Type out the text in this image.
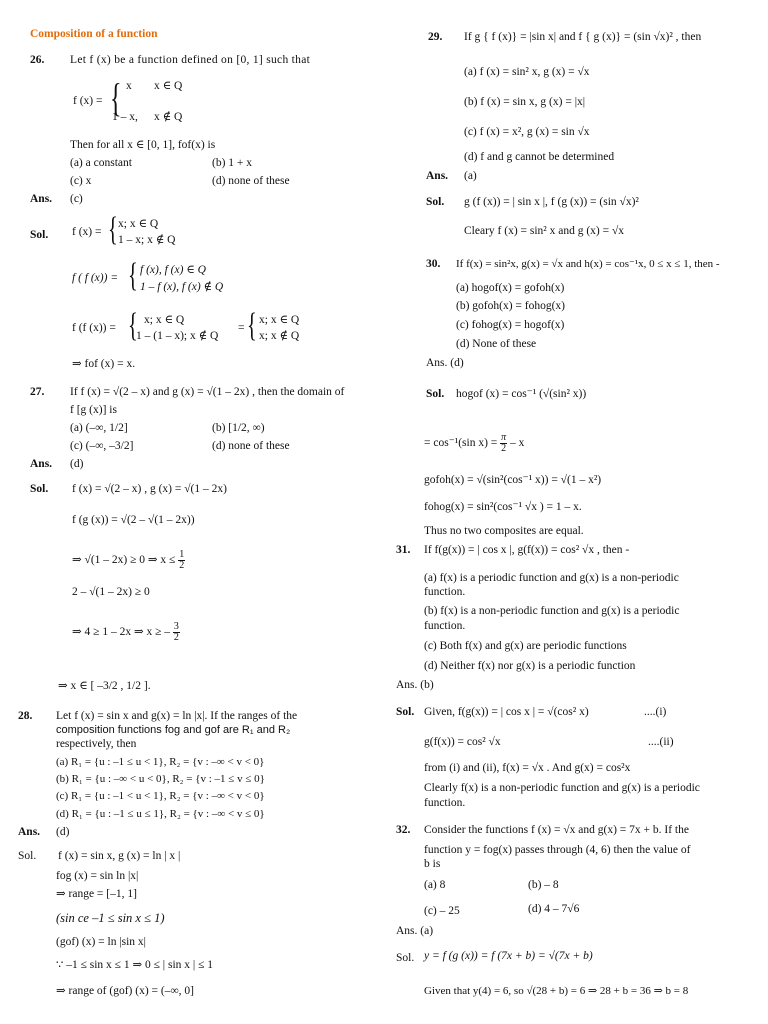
Composition of a function
26. Let f (x) be a function defined on [0, 1] such that
f (x) = { x x ∈ Q
1 – x, x ∉ Q
Then for all x ∈ [0, 1], fof(x) is
(a) a constant	(b) 1 + x
(c) x	(d) none of these
Ans. (c)
Sol. f (x) = { x; x ∈ Q
1 – x; x ∉ Q
f ( f (x)) = { f (x), f (x) ∈ Q
1 – f (x), f (x) ∉ Q
f (f (x)) = { x; x ∈ Q
1 – (1 – x); x ∉ Q
= { x; x ∈ Q
x; x ∉ Q
⇒ fof (x) = x.
27. If f (x) = √(2 – x) and g (x) = √(1 – 2x) , then the domain of
f [g (x)] is
(a) (–∞, 1/2]	(b) [1/2, ∞)
(c) (–∞, –3/2]	(d) none of these
Ans. (d)
Sol. f (x) = √(2 – x) , g (x) = √(1 – 2x)
f (g (x)) = √(2 – √(1 – 2x))
⇒ √(1 – 2x) ≥ 0 ⇒ $x \le \frac{1}{2}$
2 – √(1 – 2x) ≥ 0
⇒ 4 ≥ 1 – 2x ⇒ x ≥ – $\frac{3}{2}$
⇒ x ∈ [ –3/2 , 1/2 ].
28. Let f (x) = sin x and g(x) = ln |x|. If the ranges of the
composition functions fog and gof are R₁ and R₂
respectively, then
(a) R₁ = {u : –1 ≤ u < 1}, R₂ = {v : –∞ < v < 0}
(b) R₁ = {u : –∞ < u < 0}, R₂ = {v : –1 ≤ v ≤ 0}
(c) R₁ = {u : –1 < u < 1}, R₂ = {v : –∞ < v < 0}
(d) R₁ = {u : –1 ≤ u ≤ 1}, R₂ = {v : –∞ < v ≤ 0}
Ans. (d)
Sol. f (x) = sin x, g (x) = ln | x |
fog (x) = sin ln |x|
⇒ range = [–1, 1]
(sin ce –1 ≤ sin x ≤ 1)
(gof) (x) = ln |sin x|
∵ –1 ≤ sin x ≤ 1 ⇒ 0 ≤ | sin x | ≤ 1
⇒ range of (gof) (x) = (–∞, 0]
29. If g { f (x)} = |sin x| and f { g (x)} = (sin √x)² , then
(a) f (x) = sin² x, g (x) = √x
(b) f (x) = sin x, g (x) = |x|
(c) f (x) = x², g (x) = sin √x
(d) f and g cannot be determined
Ans. (a)
Sol. g (f (x)) = | sin x |, f (g (x)) = (sin √x)²
Cleary f (x) = sin² x and g (x) = √x
30. If f(x) = sin²x, g(x) = √x and h(x) = cos⁻¹x, 0 ≤ x ≤ 1, then -
(a) hogof(x) = gofoh(x)
(b) gofoh(x) = fohog(x)
(c) fohog(x) = hogof(x)
(d) None of these
Ans. (d)
Sol. hogof (x) = cos⁻¹ (√(sin² x))
= cos⁻¹(sin $x) = \frac{\pi}{2} - x$
gofoh(x) = √(sin²(cos⁻¹ x)) = √(1 – x²)
fohog(x) = sin²(cos⁻¹ √x ) = 1 – x.
Thus no two composites are equal.
31. If f(g(x)) = | cos x |, g(f(x)) = cos² √x , then -
(a) f(x) is a periodic function and g(x) is a non-periodic
function.
(b) f(x) is a non-periodic function and g(x) is a periodic
function.
(c) Both f(x) and g(x) are periodic functions
(d) Neither f(x) nor g(x) is a periodic function
Ans. (b)
Sol. Given, f(g(x)) = | cos x | = √(cos² x)	....(i)
g(f(x)) = cos² √x	....(ii)
from (i) and (ii), f(x) = √x . And g(x) = cos²x
Clearly f(x) is a non-periodic function and g(x) is a periodic
function.
32. Consider the functions f (x) = √x and g(x) = 7x + b. If the
function y = fog(x) passes through (4, 6) then the value of
b is
(a) 8	(b) – 8
(c) – 25	(d) 4 – 7√6
Ans. (a)
Sol. y = f (g (x)) = f (7x + b) = √(7x + b)
Given that y(4) = 6, so √(28 + b) = 6 ⇒ 28 + b = 36 ⇒ b = 8
